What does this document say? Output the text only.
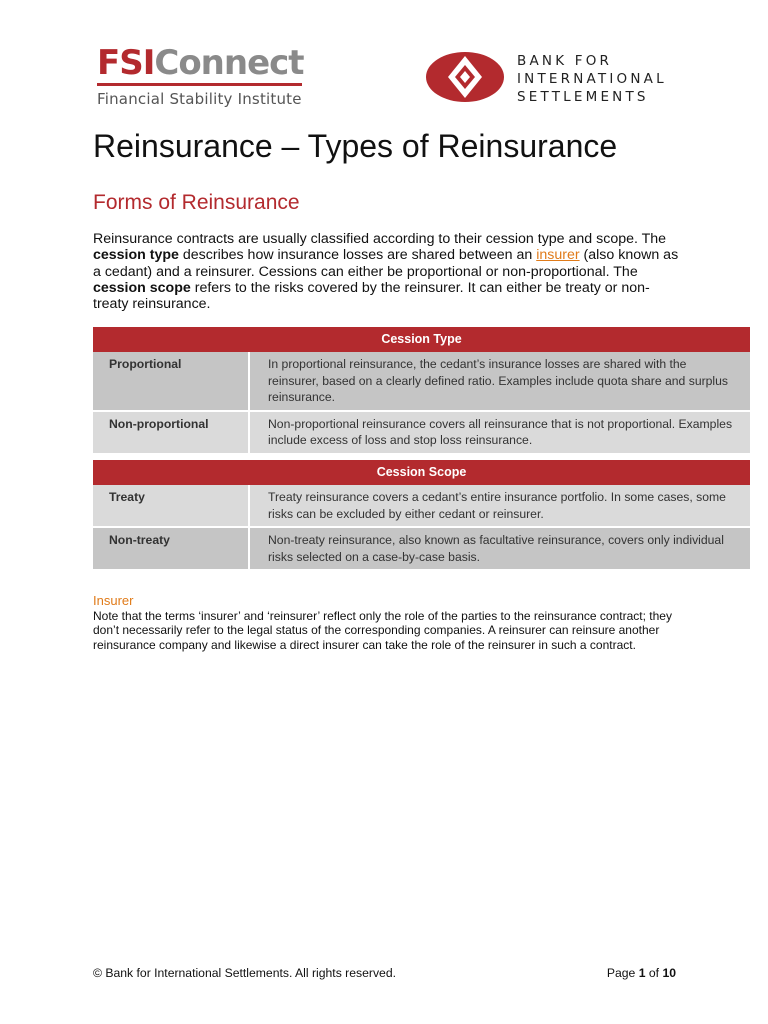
FSIConnect
Financial Stability Institute
BANK FOR
INTERNATIONAL
SETTLEMENTS
Reinsurance – Types of Reinsurance
Forms of Reinsurance

Reinsurance contracts are usually classified according to their cession type and scope. The cession type describes how insurance losses are shared between an insurer (also known as a cedant) and a reinsurer. Cessions can either be proportional or non-proportional. The cession scope refers to the risks covered by the reinsurer. It can either be treaty or non-treaty reinsurance.

Cession Type	
Proportional	In proportional reinsurance, the cedant’s insurance losses are shared with the reinsurer, based on a clearly defined ratio. Examples include quota share and surplus reinsurance.

Non-proportional	Non-proportional reinsurance covers all reinsurance that is not proportional. Examples include excess of loss and stop loss reinsurance.
Cession Scope	
Treaty	Treaty reinsurance covers a cedant’s entire insurance portfolio. In some cases, some risks can be excluded by either cedant or reinsurer.

Non-treaty	Non-treaty reinsurance, also known as facultative reinsurance, covers only individual risks selected on a case-by-case basis.
Insurer

Note that the terms ‘insurer’ and ‘reinsurer’ reflect only the role of the parties to the reinsurance contract; they don’t necessarily refer to the legal status of the corresponding companies. A reinsurer can reinsure another reinsurance company and likewise a direct insurer can take the role of the reinsurer in such a contract.

© Bank for International Settlements. All rights reserved.	Page 1 of 10
